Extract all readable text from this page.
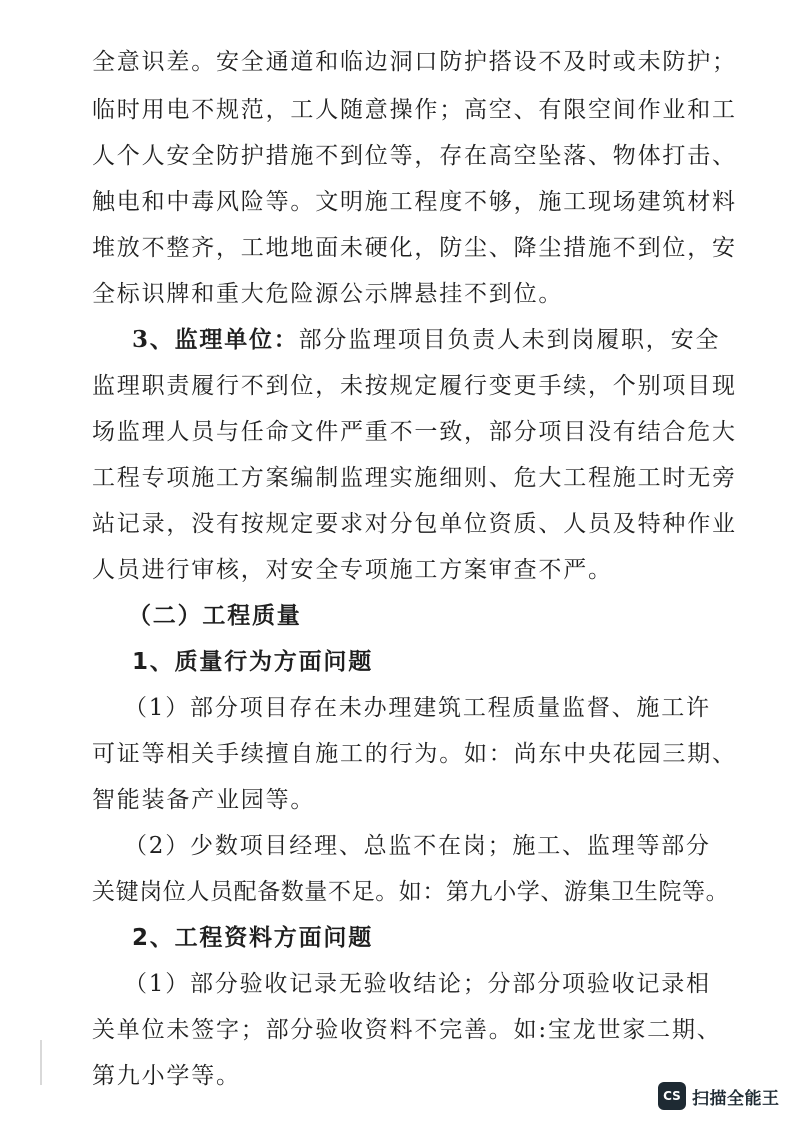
全意识差。安全通道和临边洞口防护搭设不及时或未防护；
临时用电不规范，工人随意操作；高空、有限空间作业和工
人个人安全防护措施不到位等，存在高空坠落、物体打击、
触电和中毒风险等。文明施工程度不够，施工现场建筑材料
堆放不整齐，工地地面未硬化，防尘、降尘措施不到位，安
全标识牌和重大危险源公示牌悬挂不到位。
3、监理单位：部分监理项目负责人未到岗履职，安全
监理职责履行不到位，未按规定履行变更手续，个别项目现
场监理人员与任命文件严重不一致，部分项目没有结合危大
工程专项施工方案编制监理实施细则、危大工程施工时无旁
站记录，没有按规定要求对分包单位资质、人员及特种作业
人员进行审核，对安全专项施工方案审查不严。
（二）工程质量
1、质量行为方面问题
（1）部分项目存在未办理建筑工程质量监督、施工许
可证等相关手续擅自施工的行为。如：尚东中央花园三期、
智能装备产业园等。
（2）少数项目经理、总监不在岗；施工、监理等部分
关键岗位人员配备数量不足。如：第九小学、游集卫生院等。
2、工程资料方面问题
（1）部分验收记录无验收结论；分部分项验收记录相
关单位未签字；部分验收资料不完善。如:宝龙世家二期、
第九小学等。
CS 扫描全能王
